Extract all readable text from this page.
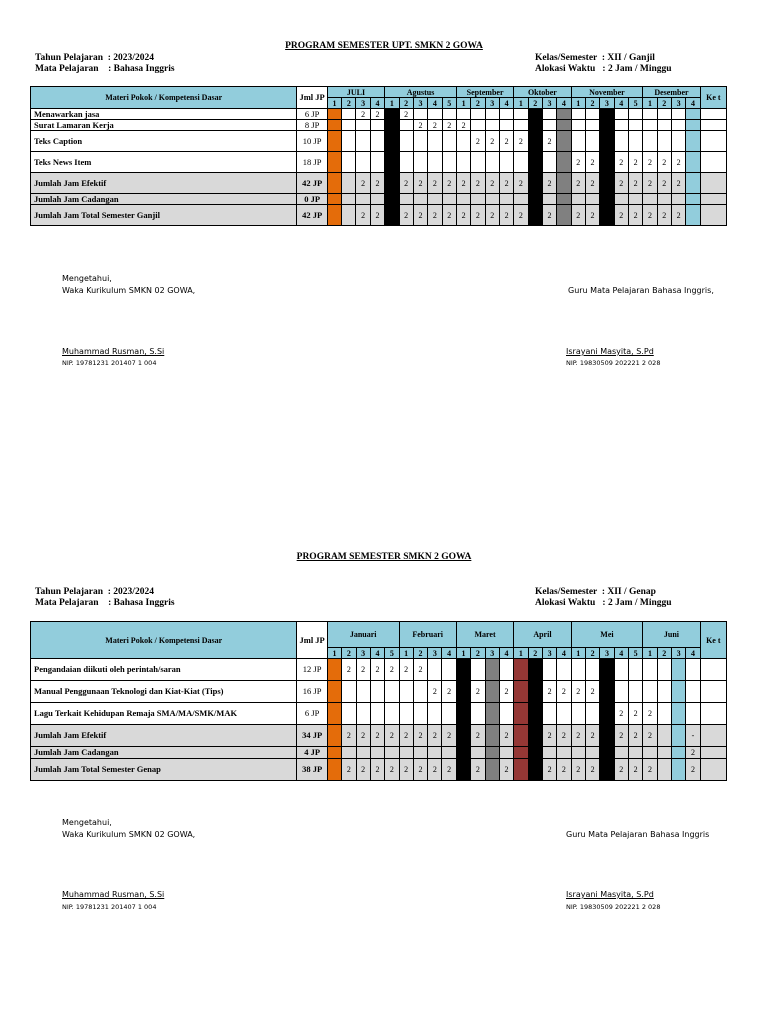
PROGRAM SEMESTER UPT. SMKN 2 GOWA
Tahun Pelajaran  : 2023/2024
Mata Pelajaran    : Bahasa Inggris
Kelas/Semester  : XII / Ganjil
Alokasi Waktu   : 2 Jam / Minggu
Materi Pokok / Kompetensi Dasar	Jml JP	JULI				Agustus					September				Oktober				November					Desember				Ke t
		1	2	3	4	1	2	3	4	5	1	2	3	4	1	2	3	4	1	2	3	4	5	1	2	3	4	
Menawarkan jasa	6 JP			2	2		2																					
Surat Lamaran Kerja	8 JP							2	2	2	2																	
Teks Caption	10 JP											2	2	2	2		2											
Teks News Item	18 JP																		2	2		2	2	2	2	2		
Jumlah Jam Efektif	42 JP			2	2		2	2	2	2	2	2	2	2	2		2		2	2		2	2	2	2	2		
Jumlah Jam Cadangan	0 JP																											
Jumlah Jam Total Semester Ganjil	42 JP			2	2		2	2	2	2	2	2	2	2	2		2		2	2		2	2	2	2	2		
Mengetahui,
Waka Kurikulum SMKN 02 GOWA,	Guru Mata Pelajaran Bahasa Inggris,
Muhammad Rusman, S.Si
NIP. 19781231 201407 1 004
Israyani Masyita, S.Pd
NIP. 19830509 202221 2 028
PROGRAM SEMESTER SMKN 2 GOWA
Tahun Pelajaran  : 2023/2024
Mata Pelajaran    : Bahasa Inggris
Kelas/Semester  : XII / Genap
Alokasi Waktu   : 2 Jam / Minggu
Materi Pokok / Kompetensi Dasar	Jml JP	Januari					Februari				Maret				April				Mei					Juni				Ke t
		1	2	3	4	5	1	2	3	4	1	2	3	4	1	2	3	4	1	2	3	4	5	1	2	3	4	
Pengandaian diikuti oleh perintah/saran	12 JP		2	2	2	2	2	2																				
Manual Penggunaan Teknologi dan Kiat-Kiat (Tips)	16 JP								2	2		2		2			2	2	2	2								
Lagu Terkait Kehidupan Remaja SMA/MA/SMK/MAK	6 JP																					2	2	2				
Jumlah Jam Efektif	34 JP		2	2	2	2	2	2	2	2		2		2			2	2	2	2		2	2	2			-	
Jumlah Jam Cadangan	4 JP																										2	
Jumlah Jam Total Semester Genap	38 JP		2	2	2	2	2	2	2	2		2		2			2	2	2	2		2	2	2			2	
Mengetahui,
Waka Kurikulum SMKN 02 GOWA,	Guru Mata Pelajaran Bahasa Inggris
Muhammad Rusman, S.Si
NIP. 19781231 201407 1 004
Israyani Masyita, S.Pd
NIP. 19830509 202221 2 028
